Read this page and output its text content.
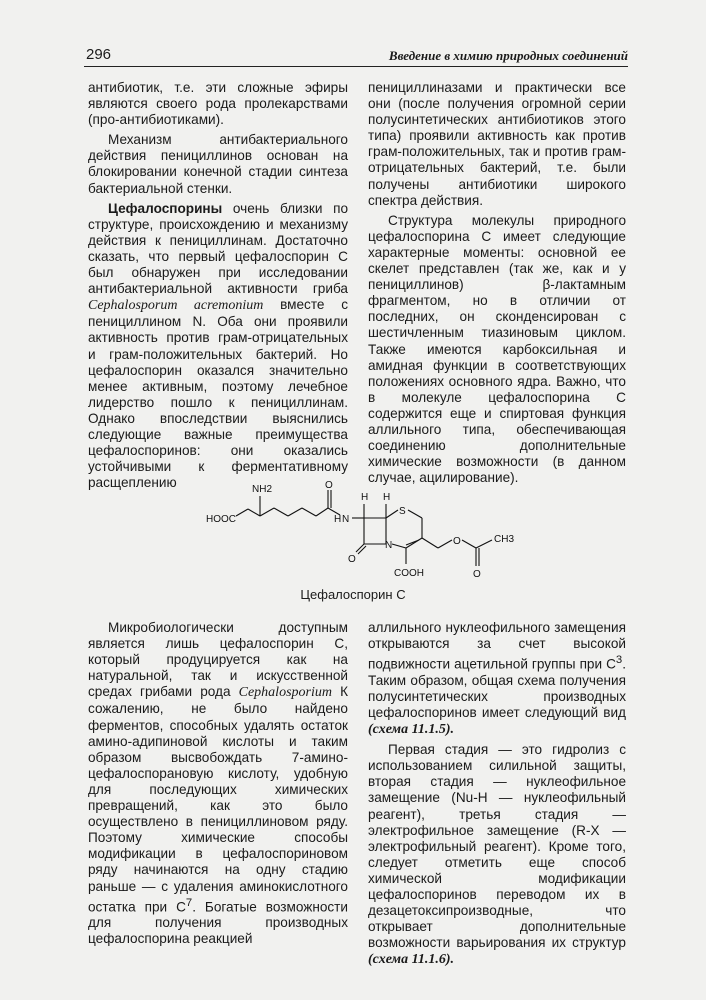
296	Введение в химию природных соединений

антибиотик, т.е. эти сложные эфиры являются своего рода пролекарствами (про-антибиотиками).

Механизм антибактериального действия пенициллинов основан на блокировании конечной стадии синтеза бактериальной стенки.

Цефалоспорины очень близки по структуре, происхождению и механизму действия к пенициллинам. Достаточно сказать, что первый цефалоспорин С был обнаружен при исследовании антибактериальной активности гриба Cephalosporum acremonium вместе с пенициллином N. Оба они проявили активность против грам-отрицательных и грам-положительных бактерий. Но цефалоспорин оказался значительно менее активным, поэтому лечебное лидерство пошло к пенициллинам. Однако впоследствии выяснились следующие важные преимущества цефалоспоринов: они оказались устойчивыми к ферментативному расщеплению

пенициллиназами и практически все они (после получения огромной серии полусинтетических антибиотиков этого типа) проявили активность как против грам-положительных, так и против грам-отрицательных бактерий, т.е. были получены антибиотики широкого спектра действия.

Структура молекулы природного цефалоспорина С имеет следующие характерные моменты: основной ее скелет представлен (так же, как и у пенициллинов) β-лактамным фрагментом, но в отличии от последних, он сконденсирован с шестичленным тиазиновым циклом. Также имеются карбоксильная и амидная функции в соответствующих положениях основного ядра. Важно, что в молекуле цефалоспорина С содержится еще и спиртовая функция аллильного типа, обеспечивающая соединению дополнительные химические возможности (в данном случае, ацилирование).

NH2
HOOC
O
N
H
H H
S
N
O
COOH
O	CH3
O
Цефалоспорин С

Микробиологически доступным является лишь цефалоспорин С, который продуцируется как на натуральной, так и искусственной средах грибами рода Cephalosporium К сожалению, не было найдено ферментов, способных удалять остаток амино-адипиновой кислоты и таким образом высвобождать 7-амино-цефалоспорановую кислоту, удобную для последующих химических превращений, как это было осуществлено в пенициллиновом ряду. Поэтому химические способы модификации в цефалоспориновом ряду начинаются на одну стадию раньше — с удаления аминокислотного остатка при $С^7$. Богатые возможности для получения производных цефалоспорина реакцией

аллильного нуклеофильного замещения открываются за счет высокой подвижности ацетильной группы при $С^3$. Таким образом, общая схема получения полусинтетических производных цефалоспоринов имеет следующий вид (схема 11.1.5).

Первая стадия — это гидролиз с использованием силильной защиты, вторая стадия — нуклеофильное замещение (Nu-H — нуклеофильный реагент), третья стадия — электрофильное замещение (R-X — электрофильный реагент). Кроме того, следует отметить еще способ химической модификации цефалоспоринов переводом их в дезацетоксипроизводные, что открывает дополнительные возможности варьирования их структур (схема 11.1.6).
